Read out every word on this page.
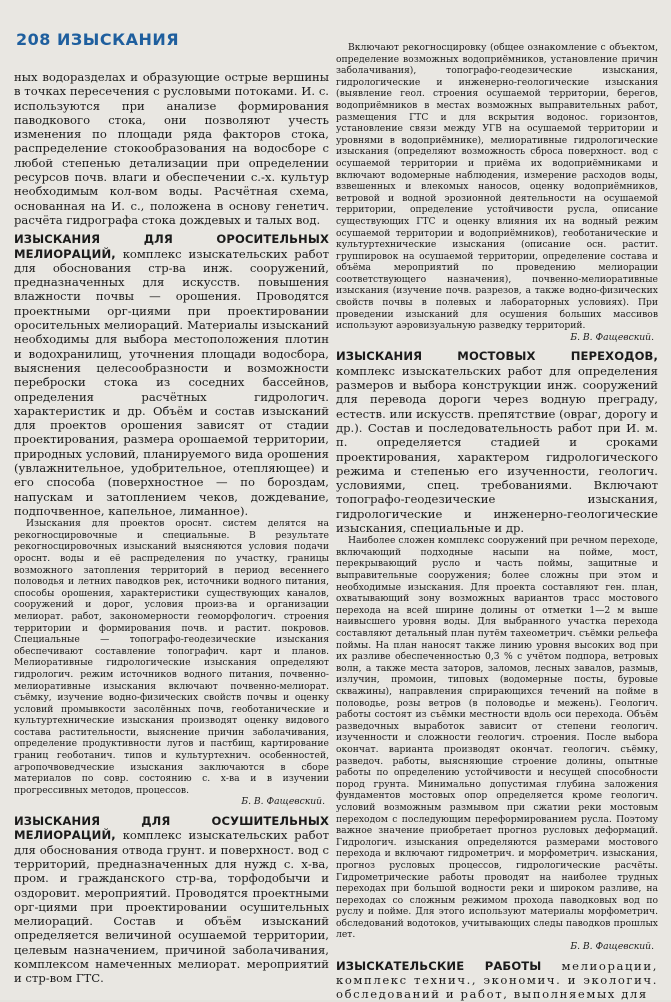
208 ИЗЫСКАНИЯ

ных водоразделах и образующие острые вершины в точках пересечения с русловыми потоками. И. с. используются при анализе формирования паводкового стока, они позволяют учесть изменения по площади ряда факторов стока, распределение стокообразования на водосборе с любой степенью детализации при определении ресурсов почв. влаги и обеспечении с.-х. культур необходимым кол-вом воды. Расчётная схема, основанная на И. с., положена в основу генетич. расчёта гидрографа стока дождевых и талых вод.

ИЗЫСКАНИЯ ДЛЯ ОРОСИТЕЛЬНЫХ МЕЛИОРАЦИЙ, комплекс изыскательских работ для обоснования стр-ва инж. сооружений, предназначенных для искусств. повышения влажности почвы — орошения. Проводятся проектными орг-циями при проектировании оросительных мелиораций. Материалы изысканий необходимы для выбора местоположения плотин и водохранилищ, уточнения площади водосбора, выяснения целесообразности и возможности переброски стока из соседних бассейнов, определения расчётных гидрологич. характеристик и др. Объём и состав изысканий для проектов орошения зависят от стадии проектирования, размера орошаемой территории, природных условий, планируемого вида орошения (увлажнительное, удобрительное, отепляющее) и его способа (поверхностное — по бороздам, напускам и затоплением чеков, дождевание, подпочвенное, капельное, лиманное).

Изыскания для проектов ороснт. систем делятся на рекогносцировочные и специальные. В результате рекогносцировочных изысканий выясняются условия подачи ороснт. воды и её распределения по участку, границы возможного затопления территорий в период весеннего половодья и летних паводков рек, источники водного питания, способы орошения, характеристики существующих каналов, сооружений и дорог, условия произ-ва и организации мелиорат. работ, закономерности геоморфологич. строения территории и формирования почв. и растит. покровов. Специальные — топографо-геодезические изыскания обеспечивают составление топографич. карт и планов. Мелиоративные гидрологические изыскания определяют гидрологич. режим источников водного питания, почвенно-мелиоративные изыскания включают почвенно-мелиорат. съёмку, изучение водно-физических свойств почвы и оценку условий промывкости засолённых почв, геоботанические и культуртехнические изыскания производят оценку видового состава растительности, выяснение причин заболачивания, определение продуктивности лугов и пастбищ, картирование границ геоботанич. типов и культуртехнич. особенностей, агропочвоведческие изыскания заключаются в сборе материалов по совр. состоянию с. х-ва и в изучении прогрессивных методов, процессов.

Б. В. Фащевский.

ИЗЫСКАНИЯ ДЛЯ ОСУШИТЕЛЬНЫХ МЕЛИОРАЦИЙ, комплекс изыскательских работ для обоснования отвода грунт. и поверхност. вод с территорий, предназначенных для нужд с. х-ва, пром. и гражданского стр-ва, торфодобычи и оздоровит. мероприятий. Проводятся проектными орг-циями при проектировании осушительных мелиораций. Состав и объём изысканий определяется величиной осушаемой территории, целевым назначением, причиной заболачивания, комплексом намеченных мелиорат. мероприятий и стр-вом ГТС.

Включают рекогносцировку (общее ознакомление с объектом, определение возможных водоприёмников, установление причин заболачивания), топографо-геодезические изыскания, гидрологические и инженерно-геологические изыскания (выявление геол. строения осушаемой территории, берегов, водоприёмников в местах возможных выправительных работ, размещения ГТС и для вскрытия водонос. горизонтов, установление связи между УГВ на осушаемой территории и уровнями в водоприёмнике), мелиоративные гидрологические изыскания (определяют возможность сброса поверхност. вод с осушаемой территории и приёма их водоприёмниками и включают водомерные наблюдения, измерение расходов воды, взвешенных и влекомых наносов, оценку водоприёмников, ветровой и водной эрозионной деятельности на осушаемой территории, определение устойчивости русла, описание существующих ГТС и оценку влияния их на водный режим осушаемой территории и водоприёмников), геоботанические и культуртехнические изыскания (описание осн. растит. группировок на осушаемой территории, определение состава и объёма мероприятий по проведению мелиорации соответствующего назначения), почвенно-мелиоративные изыскания (изучение почв. разрезов, а также водно-физических свойств почвы в полевых и лабораторных условиях). При проведении изысканий для осушения больших массивов используют аэровизуальную разведку территорий.

Б. В. Фащевский.

ИЗЫСКАНИЯ МОСТОВЫХ ПЕРЕХОДОВ, комплекс изыскательских работ для определения размеров и выбора конструкции инж. сооружений для перевода дороги через водную преграду, естеств. или искусств. препятствие (овраг, дорогу и др.). Состав и последовательность работ при И. м. п. определяется стадией и сроками проектирования, характером гидрологического режима и степенью его изученности, геологич. условиями, спец. требованиями. Включают топографо-геодезические изыскания, гидрологические и инженерно-геологические изыскания, специальные и др.

Наиболее сложен комплекс сооружений при речном переходе, включающий подходные насыпи на пойме, мост, перекрывающий русло и часть поймы, защитные и выправительные сооружения; более сложны при этом и необходимые изыскания. Для проекта составляют ген. план, охватывающий зону возможных вариантов трасс мостового перехода на всей ширине долины от отметки 1—2 м выше наивысшего уровня воды. Для выбранного участка перехода составляют детальный план путём тахеометрич. съёмки рельефа поймы. На план наносят также линию уровня высоких вод при их разливе обеспеченностью 0,3 % с учётом подпора, ветровых волн, а также места заторов, заломов, лесных завалов, размыв, излучин, промоин, типовых (водомерные посты, буровые скважины), направления сприрающихся течений на пойме в половодье, розы ветров (в половодье и межень). Геологич. работы состоят из съёмки местности вдоль оси перехода. Объём разведочных выработок зависит от степени геологич. изученности и сложности геологич. строения. После выбора окончат. варианта производят окончат. геологич. съёмку, разведоч. работы, выясняющие строение долины, опытные работы по определению устойчивости и несущей способности пород грунта. Минимально допустимая глубина заложения фундаментов мостовых опор определяется кроме геологич. условий возможным размывом при сжатии реки мостовым переходом с последующим переформированием русла. Поэтому важное значение приобретает прогноз русловых деформаций. Гидрологич. изыскания определяются размерами мостового перехода и включают гидрометрич. и морфометрич. изыскания, прогноз русловых процессов, гидрологические расчёты. Гидрометрические работы проводят на наиболее трудных переходах при большой водности реки и широком разливе, на переходах со сложным режимом прохода паводковых вод по руслу и пойме. Для этого используют материалы морфометрич. обследований водотоков, учитывающих следы паводков прошлых лет.

Б. В. Фащевский.

ИЗЫСКАТЕЛЬСКИЕ РАБОТЫ мелиорации, комплекс технич., экономич. и экологич. обследований и работ, выполняемых для
